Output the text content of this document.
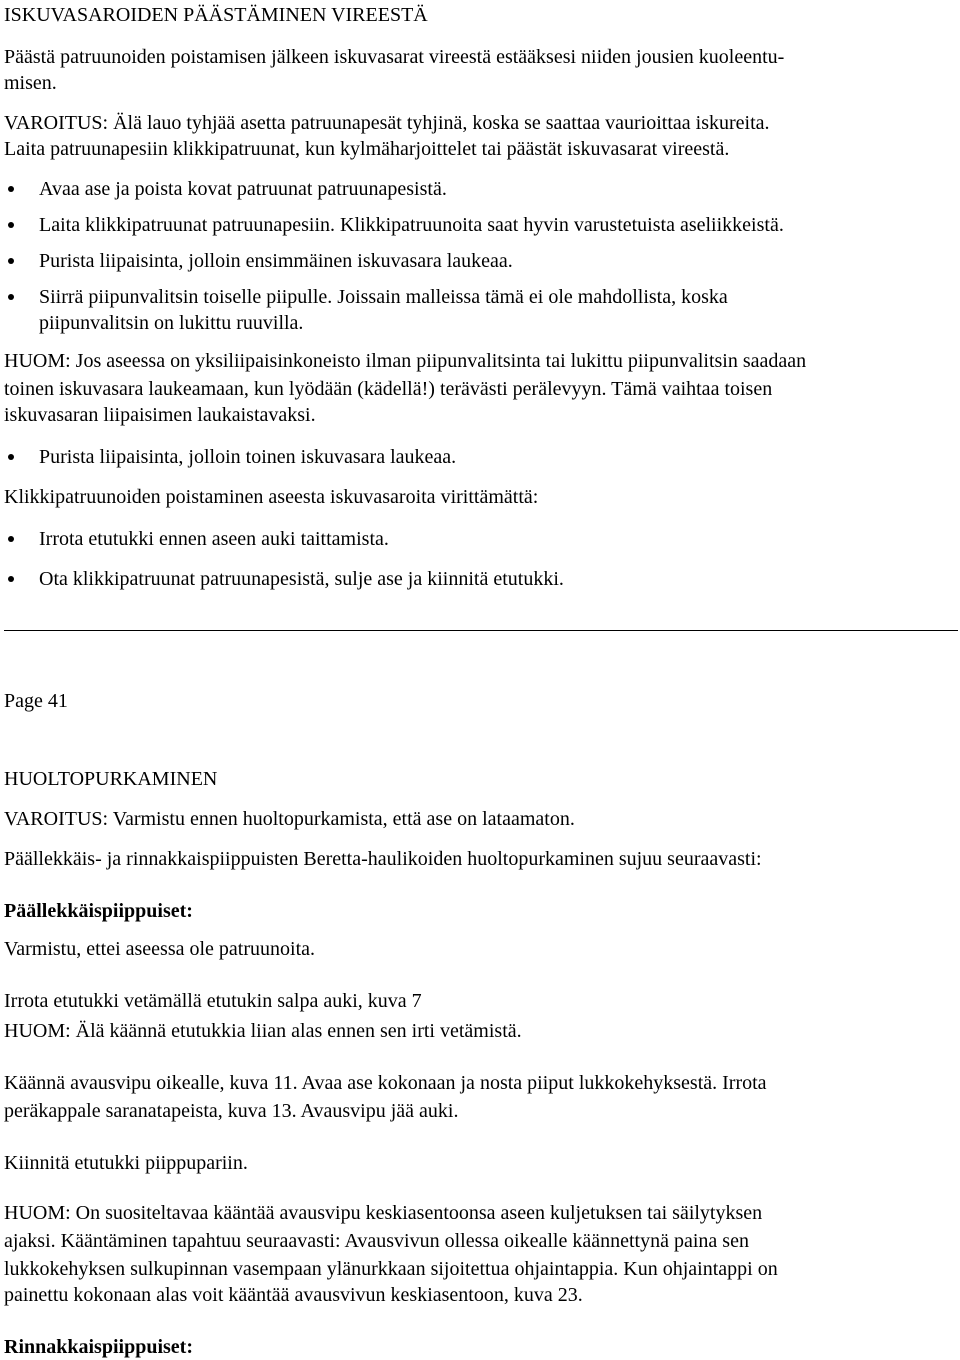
ISKUVASAROIDEN PÄÄSTÄMINEN VIREESTÄ
Päästä patruunoiden poistamisen jälkeen iskuvasarat vireestä estääksesi niiden jousien kuoleentu-
misen.
VAROITUS: Älä lauo tyhjää asetta patruunapesät tyhjinä, koska se saattaa vaurioittaa iskureita.
Laita patruunapesiin klikkipatruunat, kun kylmäharjoittelet tai päästät iskuvasarat vireestä.
Avaa ase ja poista kovat patruunat patruunapesistä.
Laita klikkipatruunat patruunapesiin. Klikkipatruunoita saat hyvin varustetuista aseliikkeistä.
Purista liipaisinta, jolloin ensimmäinen iskuvasara laukeaa.
Siirrä piipunvalitsin toiselle piipulle. Joissain malleissa tämä ei ole mahdollista, koska
piipunvalitsin on lukittu ruuvilla.
HUOM: Jos aseessa on yksiliipaisinkoneisto ilman piipunvalitsinta tai lukittu piipunvalitsin saadaan
toinen iskuvasara laukeamaan, kun lyödään (kädellä!) terävästi perälevyyn. Tämä vaihtaa toisen
iskuvasaran liipaisimen laukaistavaksi.
Purista liipaisinta, jolloin toinen iskuvasara laukeaa.
Klikkipatruunoiden poistaminen aseesta iskuvasaroita virittämättä:
Irrota etutukki ennen aseen auki taittamista.
Ota klikkipatruunat patruunapesistä, sulje ase ja kiinnitä etutukki.
Page 41
HUOLTOPURKAMINEN
VAROITUS: Varmistu ennen huoltopurkamista, että ase on lataamaton.
Päällekkäis- ja rinnakkaispiippuisten Beretta-haulikoiden huoltopurkaminen sujuu seuraavasti:
Päällekkäispiippuiset:
Varmistu, ettei aseessa ole patruunoita.
Irrota etutukki vetämällä etutukin salpa auki, kuva 7
HUOM: Älä käännä etutukkia liian alas ennen sen irti vetämistä.
Käännä avausvipu oikealle, kuva 11. Avaa ase kokonaan ja nosta piiput lukkokehyksestä. Irrota
peräkappale saranatapeista, kuva 13. Avausvipu jää auki.
Kiinnitä etutukki piippupariin.
HUOM: On suositeltavaa kääntää avausvipu keskiasentoonsa aseen kuljetuksen tai säilytyksen
ajaksi. Kääntäminen tapahtuu seuraavasti: Avausvivun ollessa oikealle käännettynä paina sen
lukkokehyksen sulkupinnan vasempaan ylänurkkaan sijoitettua ohjaintappia. Kun ohjaintappi on
painettu kokonaan alas voit kääntää avausvivun keskiasentoon, kuva 23.
Rinnakkaispiippuiset:
